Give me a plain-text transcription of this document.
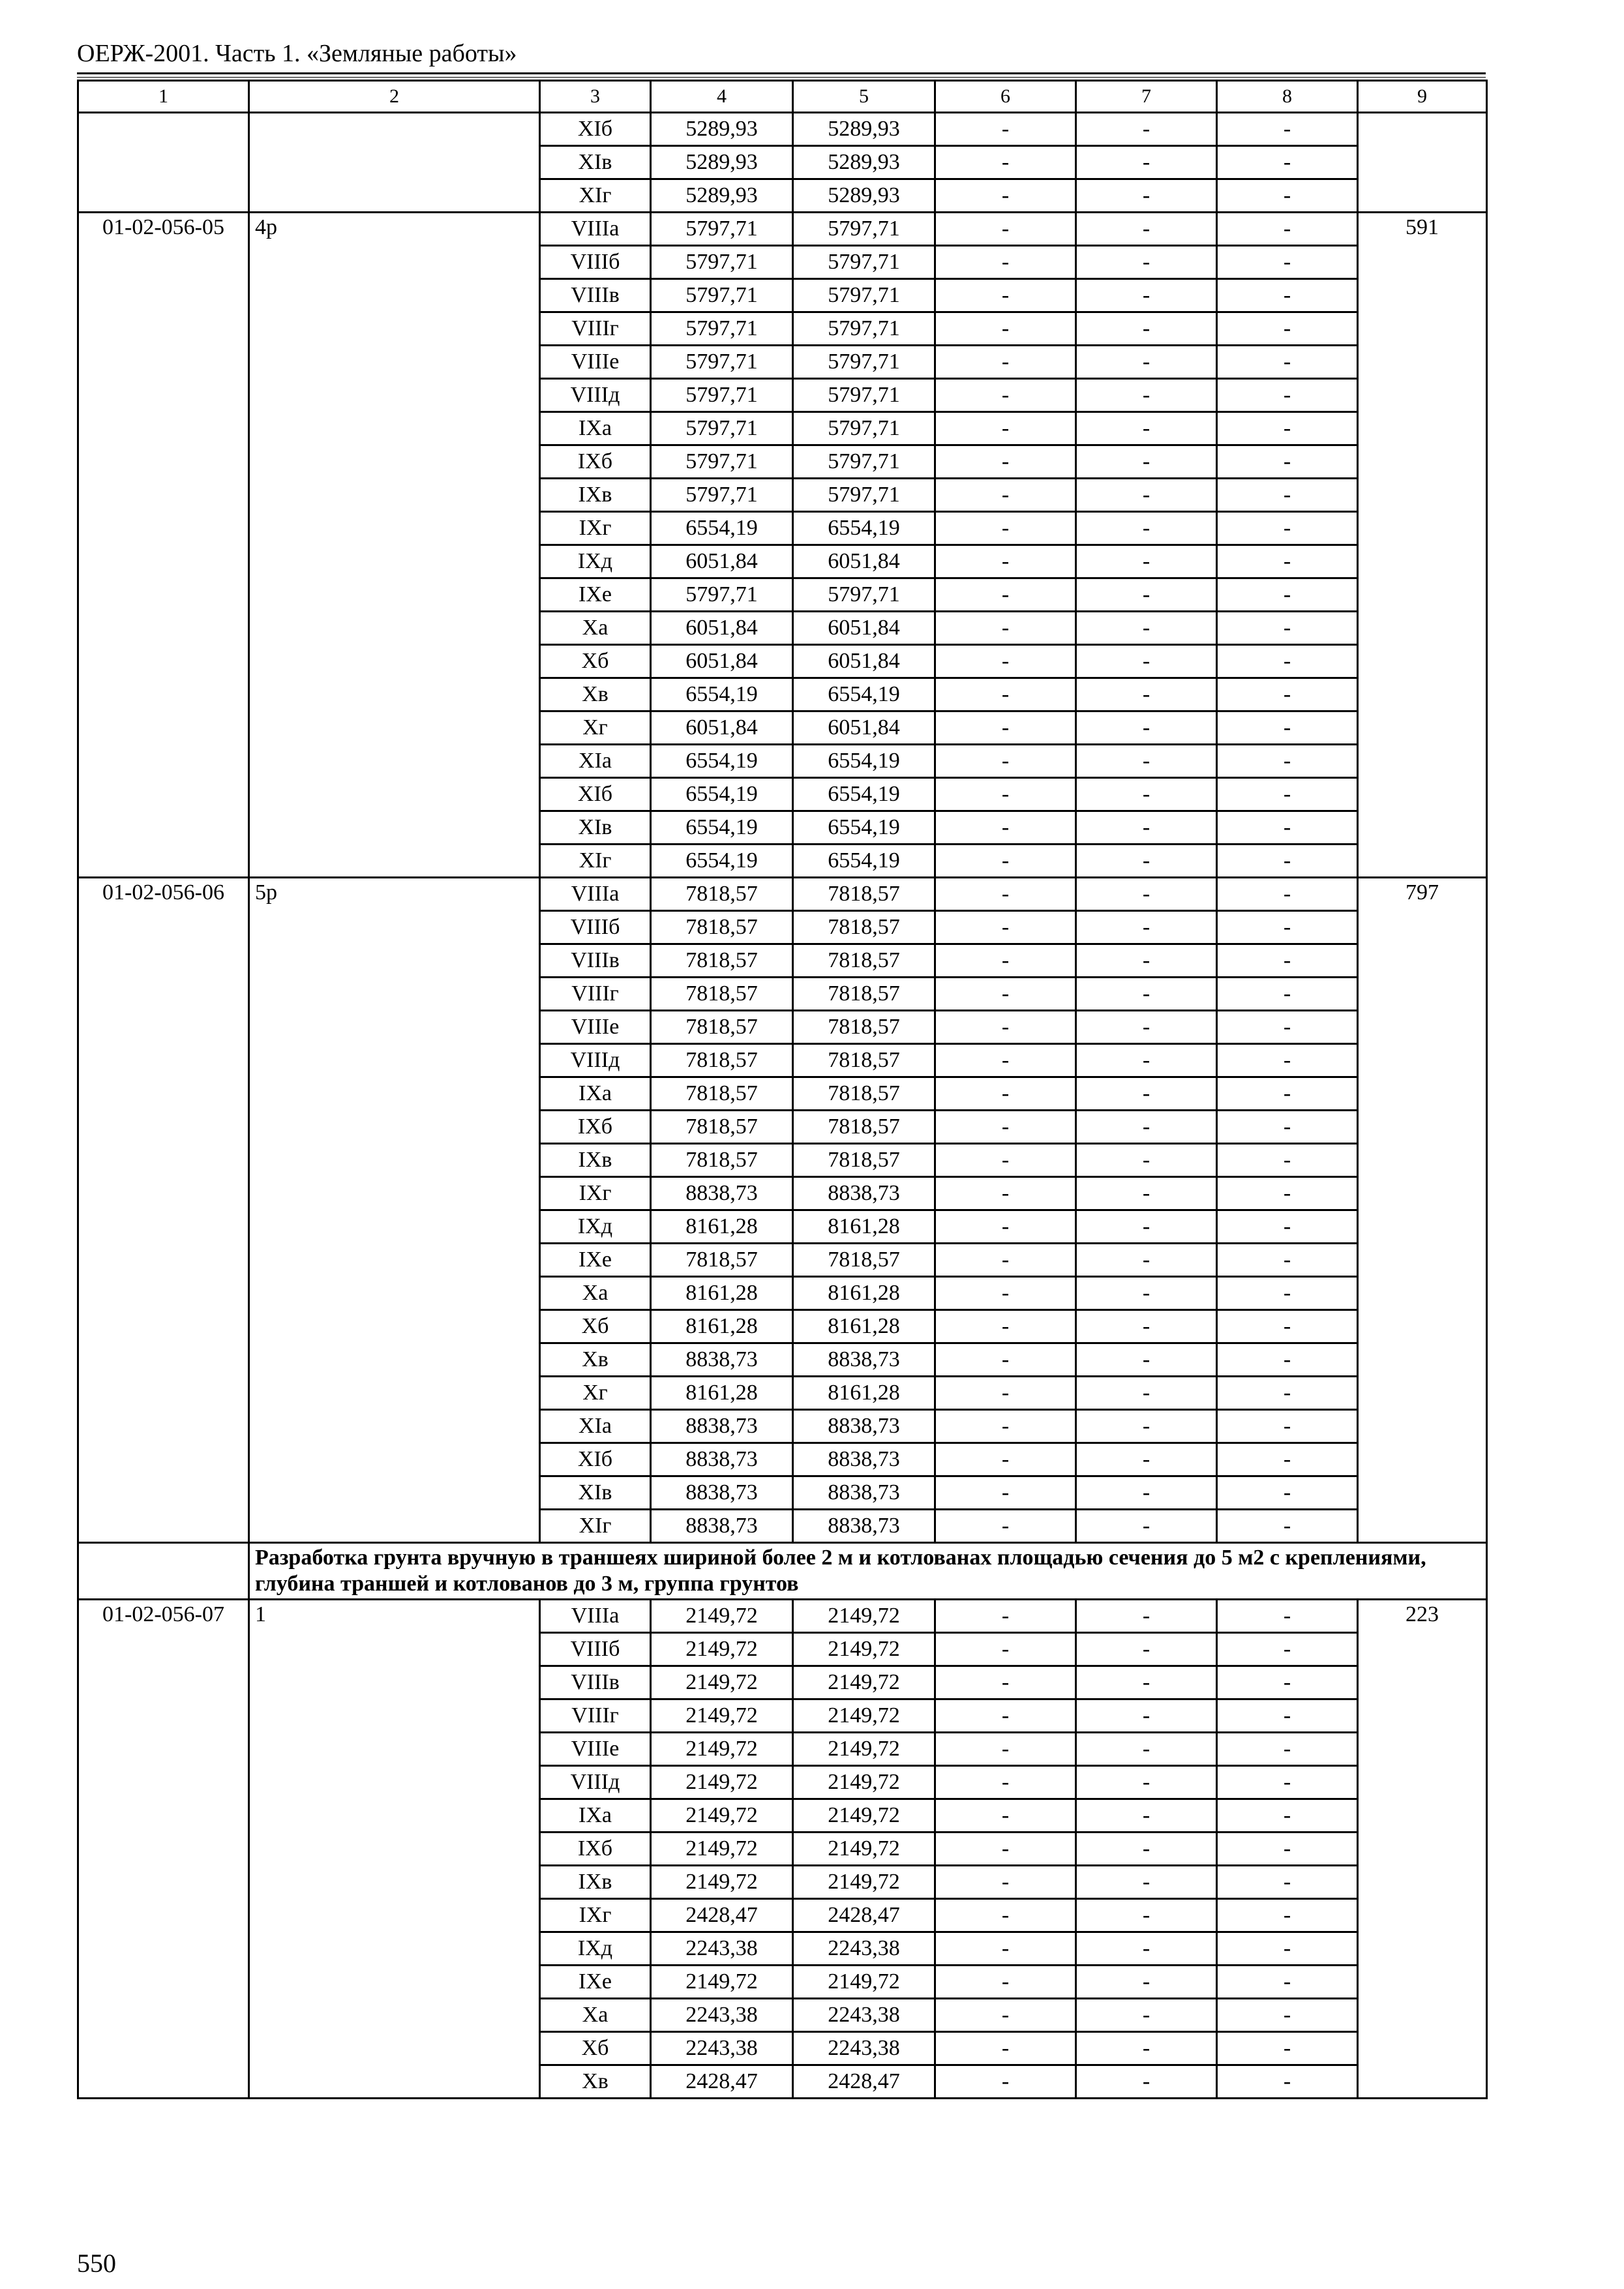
ОЕРЖ-2001. Часть 1. «Земляные работы»
1	2	3	4	5	6	7	8	9
		XIб	5289,93	5289,93	-	-	-	
		XIв	5289,93	5289,93	-	-	-	
		XIг	5289,93	5289,93	-	-	-	
01-02-056-05	4р	VIIIа	5797,71	5797,71	-	-	-	591
		VIIIб	5797,71	5797,71	-	-	-	
		VIIIв	5797,71	5797,71	-	-	-	
		VIIIг	5797,71	5797,71	-	-	-	
		VIIIе	5797,71	5797,71	-	-	-	
		VIIIд	5797,71	5797,71	-	-	-	
		IXа	5797,71	5797,71	-	-	-	
		IXб	5797,71	5797,71	-	-	-	
		IXв	5797,71	5797,71	-	-	-	
		IXг	6554,19	6554,19	-	-	-	
		IXд	6051,84	6051,84	-	-	-	
		IXе	5797,71	5797,71	-	-	-	
		Xа	6051,84	6051,84	-	-	-	
		Xб	6051,84	6051,84	-	-	-	
		Xв	6554,19	6554,19	-	-	-	
		Xг	6051,84	6051,84	-	-	-	
		XIа	6554,19	6554,19	-	-	-	
		XIб	6554,19	6554,19	-	-	-	
		XIв	6554,19	6554,19	-	-	-	
		XIг	6554,19	6554,19	-	-	-	
01-02-056-06	5р	VIIIа	7818,57	7818,57	-	-	-	797
		VIIIб	7818,57	7818,57	-	-	-	
		VIIIв	7818,57	7818,57	-	-	-	
		VIIIг	7818,57	7818,57	-	-	-	
		VIIIе	7818,57	7818,57	-	-	-	
		VIIIд	7818,57	7818,57	-	-	-	
		IXа	7818,57	7818,57	-	-	-	
		IXб	7818,57	7818,57	-	-	-	
		IXв	7818,57	7818,57	-	-	-	
		IXг	8838,73	8838,73	-	-	-	
		IXд	8161,28	8161,28	-	-	-	
		IXе	7818,57	7818,57	-	-	-	
		Xа	8161,28	8161,28	-	-	-	
		Xб	8161,28	8161,28	-	-	-	
		Xв	8838,73	8838,73	-	-	-	
		Xг	8161,28	8161,28	-	-	-	
		XIа	8838,73	8838,73	-	-	-	
		XIб	8838,73	8838,73	-	-	-	
		XIв	8838,73	8838,73	-	-	-	
		XIг	8838,73	8838,73	-	-	-	
	Разработка грунта вручную в траншеях шириной более 2 м и котлованах площадью сечения до 5 м2 с креплениями, глубина траншей и котлованов до 3 м, группа грунтов							
01-02-056-07	1	VIIIа	2149,72	2149,72	-	-	-	223
		VIIIб	2149,72	2149,72	-	-	-	
		VIIIв	2149,72	2149,72	-	-	-	
		VIIIг	2149,72	2149,72	-	-	-	
		VIIIе	2149,72	2149,72	-	-	-	
		VIIIд	2149,72	2149,72	-	-	-	
		IXа	2149,72	2149,72	-	-	-	
		IXб	2149,72	2149,72	-	-	-	
		IXв	2149,72	2149,72	-	-	-	
		IXг	2428,47	2428,47	-	-	-	
		IXд	2243,38	2243,38	-	-	-	
		IXе	2149,72	2149,72	-	-	-	
		Xа	2243,38	2243,38	-	-	-	
		Xб	2243,38	2243,38	-	-	-	
		Xв	2428,47	2428,47	-	-	-	
550
